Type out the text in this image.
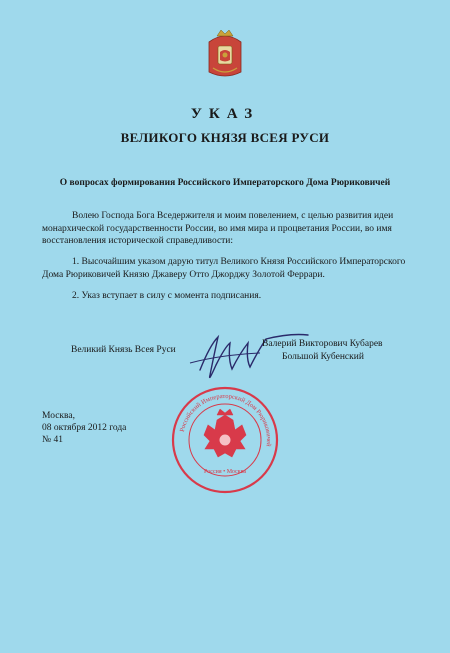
УКАЗ
ВЕЛИКОГО КНЯЗЯ ВСЕЯ РУСИ
О вопросах формирования Российского Императорского Дома Рюриковичей
Волею Господа Бога Вседержителя и моим повелением, с целью развития идеи монархической государственности России, во имя мира и процветания России, во имя восстановления исторической справедливости:
1. Высочайшим указом дарую титул Великого Князя Российского Императорского Дома Рюриковичей Князю Джаверу Отто Джорджу Золотой Феррари.
2. Указ вступает в силу с момента подписания.
Великий Князь Всея Руси
Валерий Викторович Кубарев
Большой Кубенский
Москва,
08 октября 2012 года
№ 41
Российский Императорский Дом Рюриковичей
Россия • Москва
